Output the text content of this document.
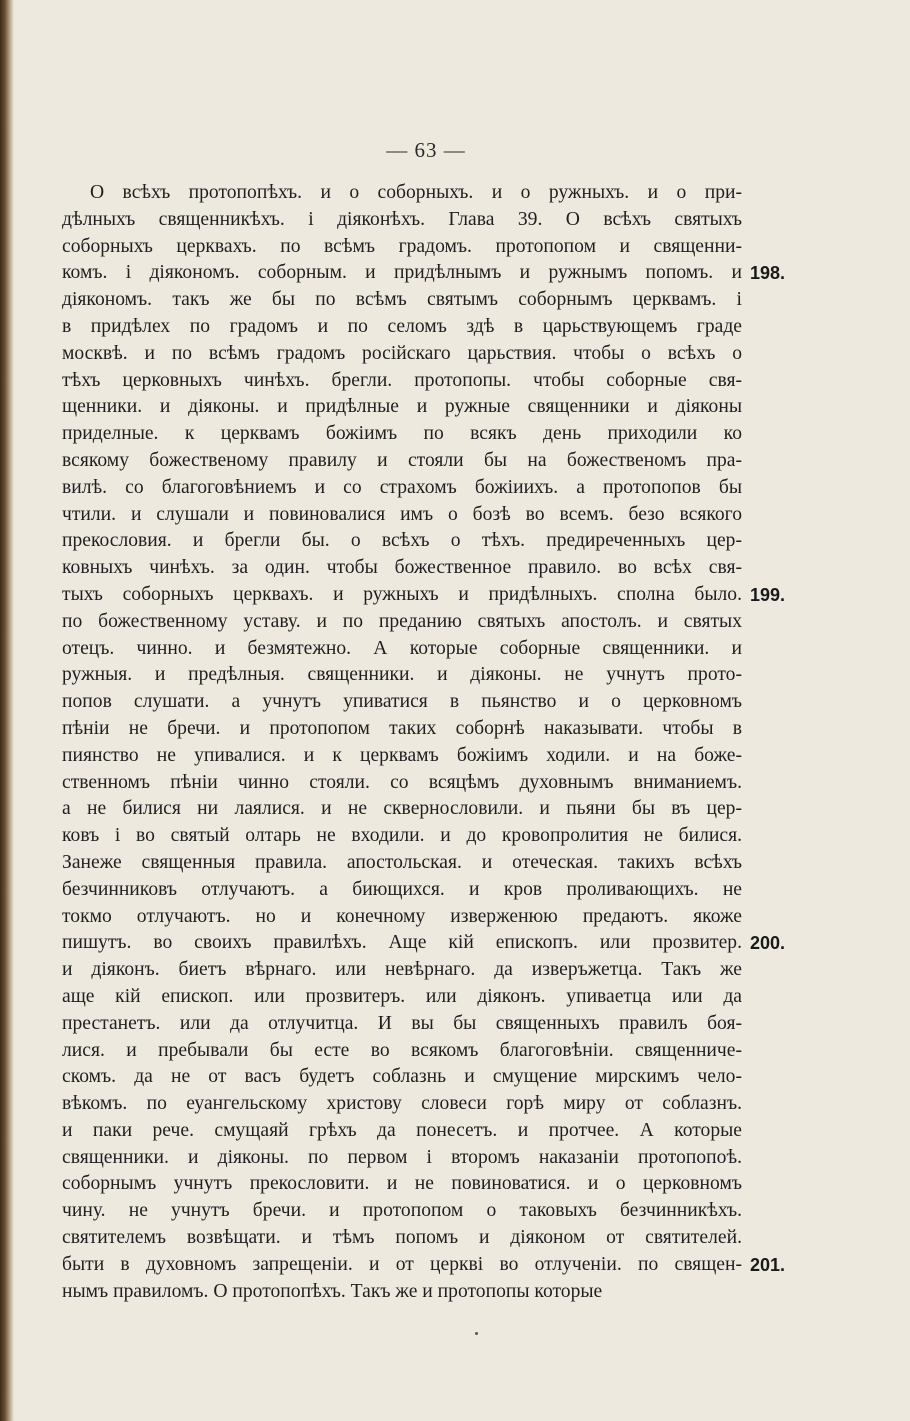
— 63 —
О всѣхъ протопопѣхъ. и о соборныхъ. и о ружныхъ. и о при-
дѣлныхъ священникѣхъ. і дiяконѣхъ. Глава 39. О всѣхъ святыхъ
соборныхъ церквахъ. по всѣмъ градомъ. протопопом и священни-
комъ. і дiякономъ. соборным. и придѣлнымъ и ружнымъ попомъ. и
дiякономъ. такъ же бы по всѣмъ святымъ соборнымъ церквамъ. і
в придѣлех по градомъ и по селомъ здѣ в царьствующемъ граде
москвѣ. и по всѣмъ градомъ росiйскаго царьствия. чтобы о всѣхъ о
тѣхъ церковныхъ чинѣхъ. брегли. протопопы. чтобы соборные свя-
щенники. и дiяконы. и придѣлные и ружные священники и дiяконы
приделные. к церквамъ божiимъ по всякъ день приходили ко
всякому божественому правилу и стояли бы на божественомъ пра-
вилѣ. со благоговѣниемъ и со страхомъ божiиихъ. а протопопов бы
чтили. и слушали и повиновалися имъ о бозѣ во всемъ. безо всякого
прекословия. и брегли бы. о всѣхъ о тѣхъ. предиреченныхъ цер-
ковныхъ чинѣхъ. за один. чтобы божественное правило. во всѣх свя-
тыхъ соборныхъ церквахъ. и ружныхъ и придѣлныхъ. сполна было.
по божественному уставу. и по преданию святыхъ апостолъ. и святых
отецъ. чинно. и безмятежно. А которые соборные священники. и
ружныя. и предѣлныя. священники. и дiяконы. не учнутъ прото-
попов слушати. а учнутъ упиватися в пьянство и о церковномъ
пѣнiи не бречи. и протопопом таких соборнѣ наказывати. чтобы в
пиянство не упивалися. и к церквамъ божiимъ ходили. и на боже-
ственномъ пѣнiи чинно стояли. со всяцѣмъ духовнымъ вниманиемъ.
а не билися ни лаялися. и не сквернословили. и пьяни бы въ цер-
ковъ і во святый олтарь не входили. и до кровопролития не билися.
Занеже священныя правила. апостольская. и отеческая. такихъ всѣхъ
безчинниковъ отлучаютъ. а биющихся. и кров проливающихъ. не
токмо отлучаютъ. но и конечному изверженюю предаютъ. якоже
пишутъ. во своихъ правилѣхъ. Аще кiй епископъ. или прозвитер.
и дiяконъ. биетъ вѣрнаго. или невѣрнаго. да изверъжетца. Такъ же
аще кiй епископ. или прозвитеръ. или дiяконъ. упиваетца или да
престанетъ. или да отлучитца. И вы бы священныхъ правилъ боя-
лися. и пребывали бы есте во всякомъ благоговѣнiи. священниче-
скомъ. да не от васъ будетъ соблазнь и смущение мирскимъ чело-
вѣкомъ. по еуангельскому христову словеси горѣ миру от соблазнъ.
и паки рече. смущаяй грѣхъ да понесетъ. и протчее. А которые
священники. и дiяконы. по первом і второмъ наказанiи протопопоѣ.
соборнымъ учнутъ прекословити. и не повиноватися. и о церковномъ
чину. не учнутъ бречи. и протопопом о таковыхъ безчинникѣхъ.
святителемъ возвѣщати. и тѣмъ попомъ и дiяконом от святителей.
быти в духовномъ запрещенiи. и от церкві во отлученiи. по священ-
нымъ правиломъ. О протопопѣхъ. Такъ же и протопопы которые
198.
199.
200.
201.
